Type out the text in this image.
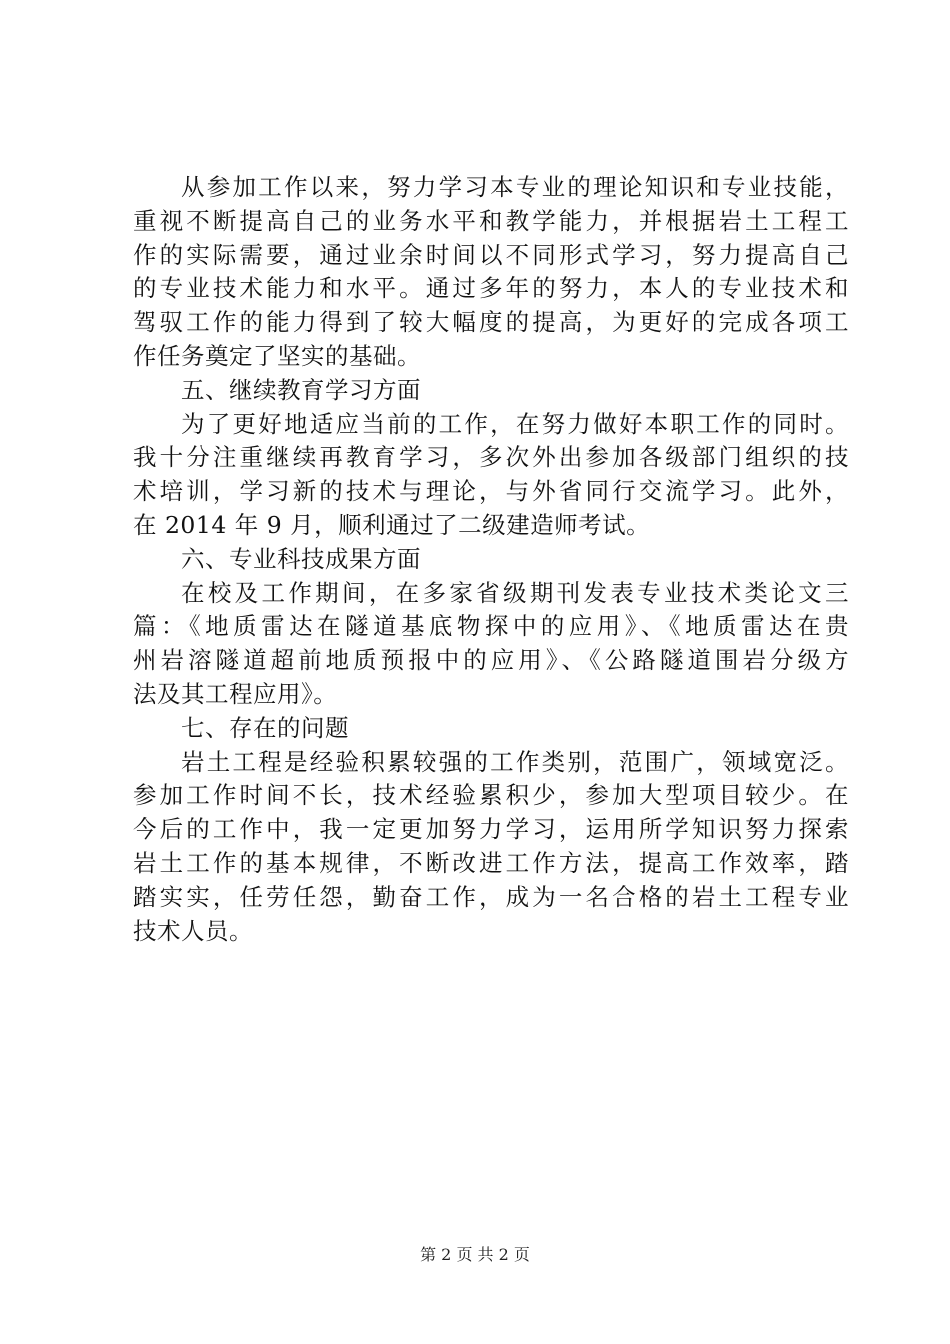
从参加工作以来，努力学习本专业的理论知识和专业技能，
重视不断提高自己的业务水平和教学能力，并根据岩土工程工
作的实际需要，通过业余时间以不同形式学习，努力提高自己
的专业技术能力和水平。通过多年的努力，本人的专业技术和
驾驭工作的能力得到了较大幅度的提高，为更好的完成各项工
作任务奠定了坚实的基础。
五、继续教育学习方面
为了更好地适应当前的工作，在努力做好本职工作的同时。
我十分注重继续再教育学习，多次外出参加各级部门组织的技
术培训，学习新的技术与理论，与外省同行交流学习。此外，
在 2014 年 9 月，顺利通过了二级建造师考试。
六、专业科技成果方面
在校及工作期间，在多家省级期刊发表专业技术类论文三
篇：《地质雷达在隧道基底物探中的应用》、《地质雷达在贵
州岩溶隧道超前地质预报中的应用》、《公路隧道围岩分级方
法及其工程应用》。
七、存在的问题
岩土工程是经验积累较强的工作类别，范围广，领域宽泛。
参加工作时间不长，技术经验累积少，参加大型项目较少。在
今后的工作中，我一定更加努力学习，运用所学知识努力探索
岩土工作的基本规律，不断改进工作方法，提高工作效率，踏
踏实实，任劳任怨，勤奋工作，成为一名合格的岩土工程专业
技术人员。
第 2 页 共 2 页
